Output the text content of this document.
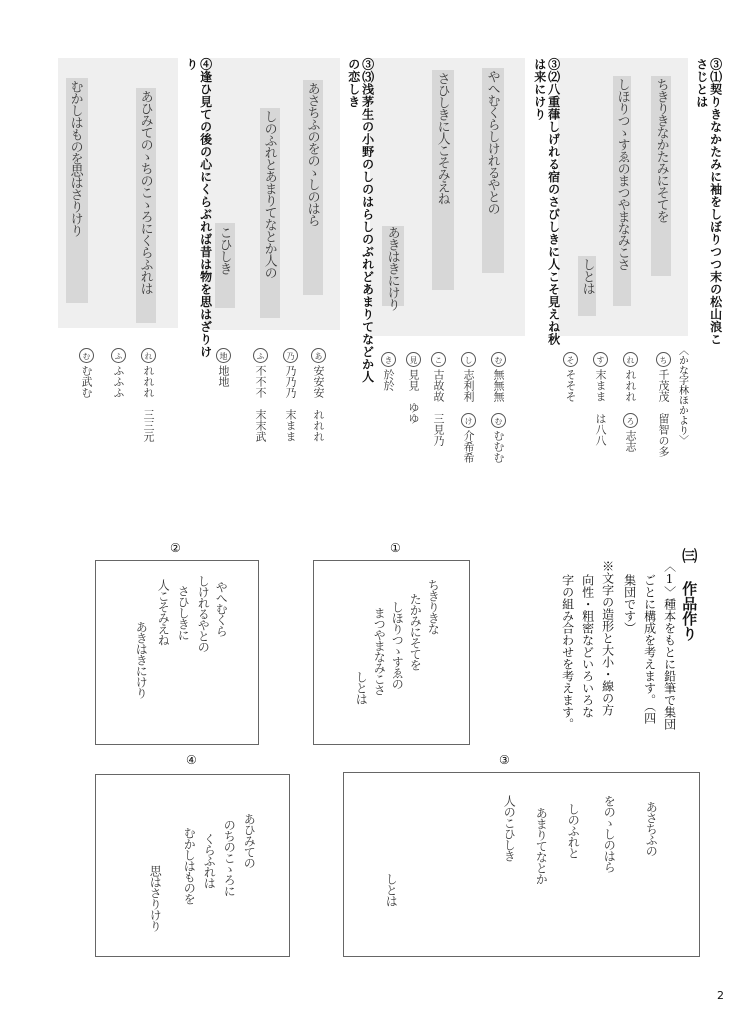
③⑴契りきなかたみに袖をしぼりつつ末の松山浪こさじとは
〈かな字林ほかより〉
ちきりきなかたみにそてを
しほりつゝすゑのまつやまなみこさ
しとは
③⑵八重葎しげれる宿のさびしきに人こそ見えね秋は来にけり
やへむくらしけれるやとの
さひしきに人こそみえね
あきはきにけり
③⑶浅茅生の小野のしのはらしのぶれどあまりてなどか人の恋しき
あさちふのをのゝしのはら
しのふれとあまりてなとか人の
こひしき
④逢ひ見ての後の心にくらぶれば昔は物を思はざりけり
あひみてのゝちのこゝろにくらふれは
むかしはものを思はさりけり
ち千茂茂　留智の多
れれれれ　ろ志志
す末まま　は八八
そそそそ
む無無無　むむむむ
し志利利　け介希希
こ古故故　三見乃
見見見　ゆゆ
き於於
あ安安安　れれれ
乃乃乃乃　末まま
ふ不不不　末末武
地地地
れれれれ　三三元
ふふふふ
むむ武む
㈢ 作品作り
〈1〉種本をもとに鉛筆で集団
ごとに構成を考えます。（四
集団です）
※文字の造形と大小・線の方
向性・粗密などいろいろな
字の組み合わせを考えます。
①
ちきりきな
たかみにそてを
しほりつゝすゑの
まつやまなみこさ
しとは
②
やへむくら
しけれるやとの
さひしきに
人こそみえね
あきはきにけり
③
あさちふの
をのゝしのはら
しのふれと
あまりてなとか
人のこひしき
しとは
④
あひみての
のちのこゝろに
くらふれは
むかしはものを
思はさりけり
2
